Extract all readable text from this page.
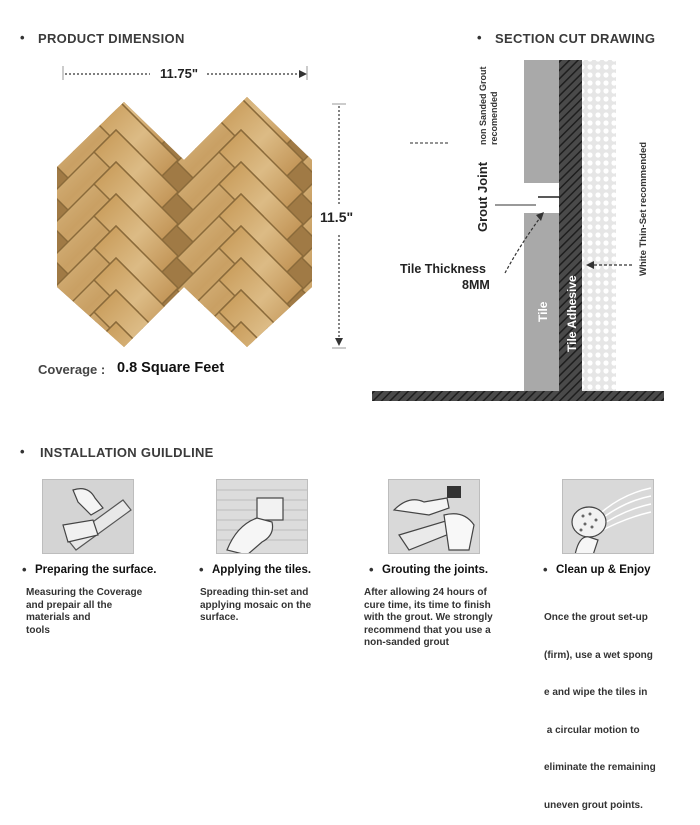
• PRODUCT DIMENSION
11.75"
11.5"
Coverage : 0.8 Square Feet
• SECTION CUT DRAWING
non Sanded Grout recomended
Grout Joint
Tile Thickness
8MM
Tile Tile Adhesive
White Thin-Set recommended
• INSTALLATION GUILDLINE
• Preparing the surface.	• Applying the tiles.	• Grouting the joints.	• Clean up & Enjoy
Measuring the Coverage
and prepair all the
materials and
tools
Spreading thin-set and
applying mosaic on the
surface.
After allowing 24 hours of
cure time, its time to finish
with the grout. We strongly
recommend that you use a
non-sanded grout

Once the grout set-up

(firm), use a wet spong

e and wipe the tiles in

a circular motion to

eliminate the remaining

uneven grout points.
